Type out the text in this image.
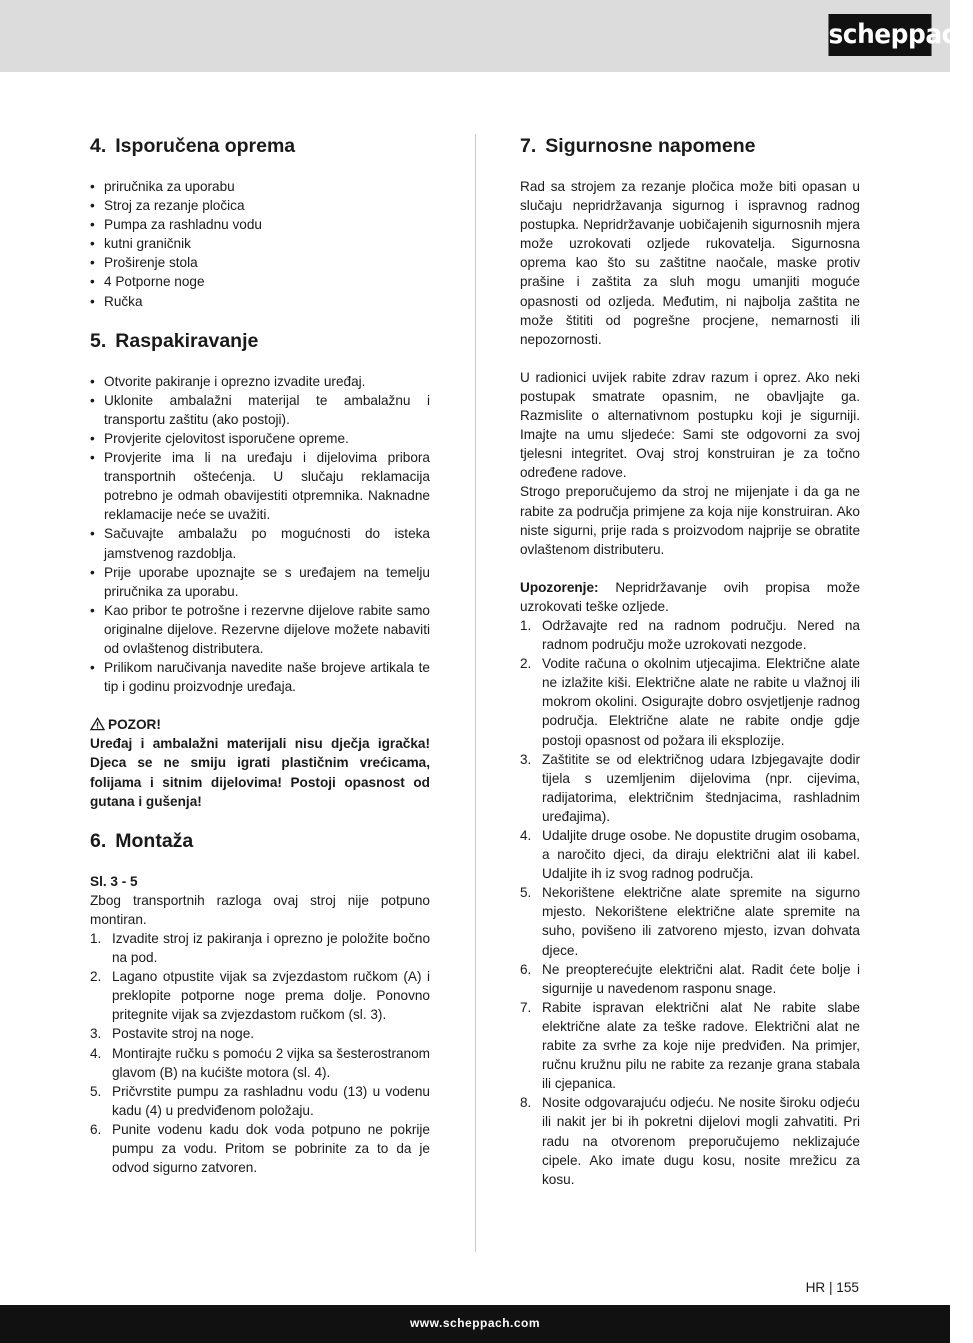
scheppach
4. Isporučena oprema
• priručnika za uporabu
• Stroj za rezanje pločica
• Pumpa za rashladnu vodu
• kutni graničnik
• Proširenje stola
• 4 Potporne noge
• Ručka
5. Raspakiravanje
• Otvorite pakiranje i oprezno izvadite uređaj.
• Uklonite ambalažni materijal te ambalažnu i transportu zaštitu (ako postoji).
• Provjerite cjelovitost isporučene opreme.
• Provjerite ima li na uređaju i dijelovima pribora transportnih oštećenja. U slučaju reklamacija potrebno je odmah obavijestiti otpremnika. Naknadne reklamacije neće se uvažiti.
• Sačuvajte ambalažu po mogućnosti do isteka jamstvenog razdoblja.
• Prije uporabe upoznajte se s uređajem na temelju priručnika za uporabu.
• Kao pribor te potrošne i rezervne dijelove rabite samo originalne dijelove. Rezervne dijelove možete nabaviti od ovlaštenog distributera.
• Prilikom naručivanja navedite naše brojeve artikala te tip i godinu proizvodnje uređaja.
POZOR!

Uređaj i ambalažni materijali nisu dječja igračka! Djeca se ne smiju igrati plastičnim vrećicama, folijama i sitnim dijelovima! Postoji opasnost od gutana i gušenja!

6. Montaža
Sl. 3 - 5

Zbog transportnih razloga ovaj stroj nije potpuno montiran.

1. Izvadite stroj iz pakiranja i oprezno je položite bočno na pod.
2. Lagano otpustite vijak sa zvjezdastom ručkom (A) i preklopite potporne noge prema dolje. Ponovno pritegnite vijak sa zvjezdastom ručkom (sl. 3).
3. Postavite stroj na noge.
4. Montirajte ručku s pomoću 2 vijka sa šesterostranom glavom (B) na kućište motora (sl. 4).
5. Pričvrstite pumpu za rashladnu vodu (13) u vodenu kadu (4) u predviđenom položaju.
6. Punite vodenu kadu dok voda potpuno ne pokrije pumpu za vodu. Pritom se pobrinite za to da je odvod sigurno zatvoren.
7. Sigurnosne napomene

Rad sa strojem za rezanje pločica može biti opasan u slučaju nepridržavanja sigurnog i ispravnog radnog postupka. Nepridržavanje uobičajenih sigurnosnih mjera može uzrokovati ozljede rukovatelja. Sigurnosna oprema kao što su zaštitne naočale, maske protiv prašine i zaštita za sluh mogu umanjiti moguće opasnosti od ozljeda. Međutim, ni najbolja zaštita ne može štititi od pogrešne procjene, nemarnosti ili nepozornosti.

U radionici uvijek rabite zdrav razum i oprez. Ako neki postupak smatrate opasnim, ne obavljajte ga. Razmislite o alternativnom postupku koji je sigurniji. Imajte na umu sljedeće: Sami ste odgovorni za svoj tjelesni integritet. Ovaj stroj konstruiran je za točno određene radove.

Strogo preporučujemo da stroj ne mijenjate i da ga ne rabite za područja primjene za koja nije konstruiran. Ako niste sigurni, prije rada s proizvodom najprije se obratite ovlaštenom distributeru.

Upozorenje: Nepridržavanje ovih propisa može uzrokovati teške ozljede.

1. Održavajte red na radnom području. Nered na radnom području može uzrokovati nezgode.
2. Vodite računa o okolnim utjecajima. Električne alate ne izlažite kiši. Električne alate ne rabite u vlažnoj ili mokrom okolini. Osigurajte dobro osvjetljenje radnog područja. Električne alate ne rabite ondje gdje postoji opasnost od požara ili eksplozije.
3. Zaštitite se od električnog udara Izbjegavajte dodir tijela s uzemljenim dijelovima (npr. cijevima, radijatorima, električnim štednjacima, rashladnim uređajima).
4. Udaljite druge osobe. Ne dopustite drugim osobama, a naročito djeci, da diraju električni alat ili kabel. Udaljite ih iz svog radnog područja.
5. Nekorištene električne alate spremite na sigurno mjesto. Nekorištene električne alate spremite na suho, povišeno ili zatvoreno mjesto, izvan dohvata djece.
6. Ne preopterećujte električni alat. Radit ćete bolje i sigurnije u navedenom rasponu snage.
7. Rabite ispravan električni alat Ne rabite slabe električne alate za teške radove. Električni alat ne rabite za svrhe za koje nije predviđen. Na primjer, ručnu kružnu pilu ne rabite za rezanje grana stabala ili cjepanica.
8. Nosite odgovarajuću odjeću. Ne nosite široku odjeću ili nakit jer bi ih pokretni dijelovi mogli zahvatiti. Pri radu na otvorenom preporučujemo neklizajuće cipele. Ako imate dugu kosu, nosite mrežicu za kosu.
HR | 155
www.scheppach.com
